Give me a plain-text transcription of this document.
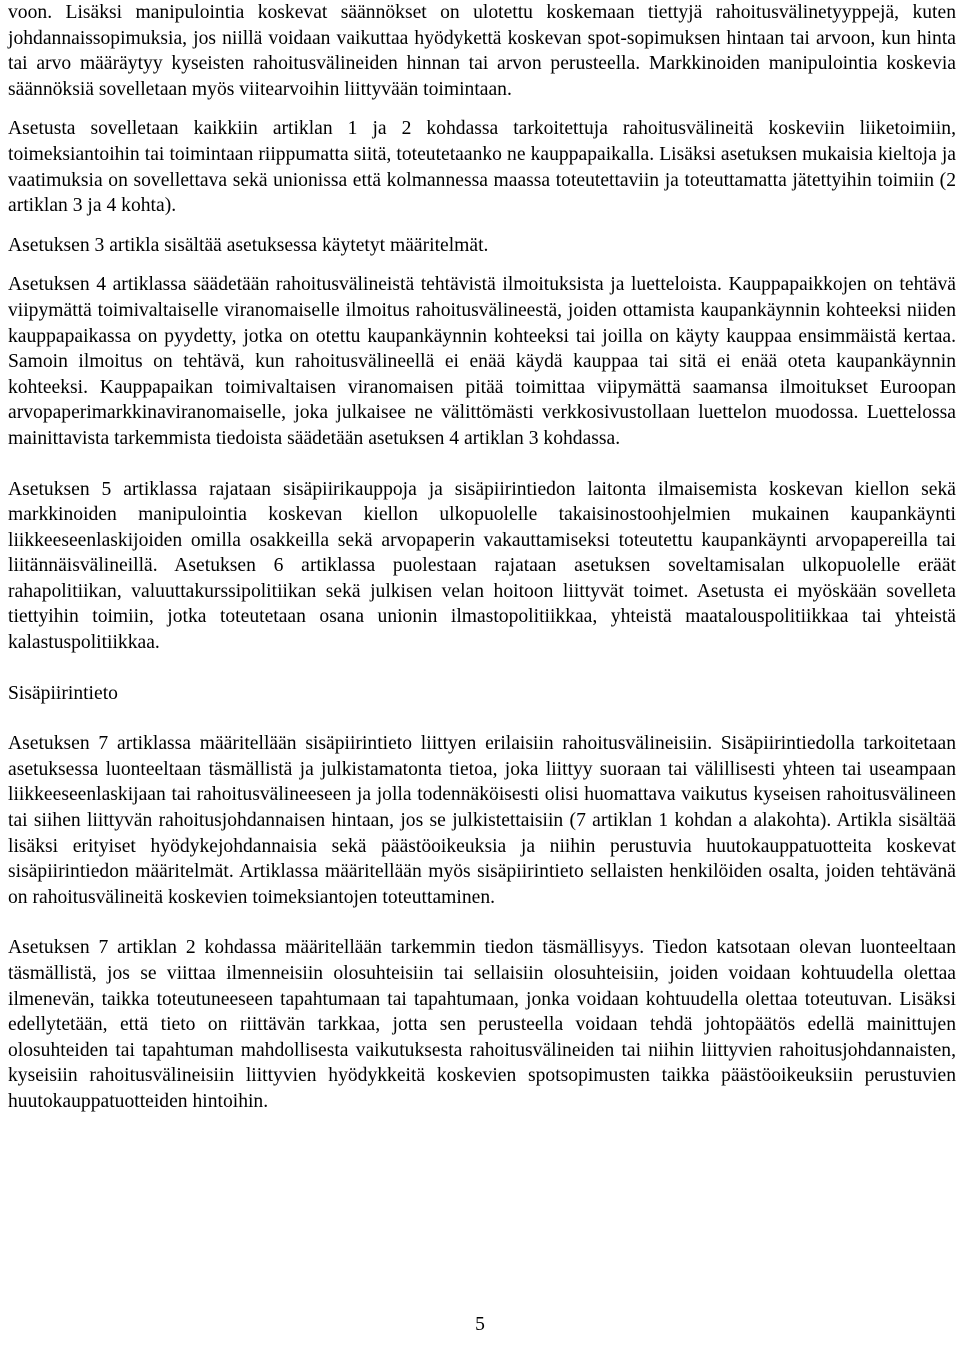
voon. Lisäksi manipulointia koskevat säännökset on ulotettu koskemaan tiettyjä rahoitusvälinetyyppejä, kuten johdannaissopimuksia, jos niillä voidaan vaikuttaa hyödykettä koskevan spot-sopimuksen hintaan tai arvoon, kun hinta tai arvo määräytyy kyseisten rahoitusvälineiden hinnan tai arvon perusteella. Markkinoiden manipulointia koskevia säännöksiä sovelletaan myös viitearvoihin liittyvään toimintaan.

Asetusta sovelletaan kaikkiin artiklan 1 ja 2 kohdassa tarkoitettuja rahoitusvälineitä koskeviin liiketoimiin, toimeksiantoihin tai toimintaan riippumatta siitä, toteutetaanko ne kauppapaikalla. Lisäksi asetuksen mukaisia kieltoja ja vaatimuksia on sovellettava sekä unionissa että kolmannessa maassa toteutettaviin ja toteuttamatta jätettyihin toimiin (2 artiklan 3 ja 4 kohta).

Asetuksen 3 artikla sisältää asetuksessa käytetyt määritelmät.

Asetuksen 4 artiklassa säädetään rahoitusvälineistä tehtävistä ilmoituksista ja luetteloista. Kauppapaikkojen on tehtävä viipymättä toimivaltaiselle viranomaiselle ilmoitus rahoitusvälineestä, joiden ottamista kaupankäynnin kohteeksi niiden kauppapaikassa on pyydetty, jotka on otettu kaupankäynnin kohteeksi tai joilla on käyty kauppaa ensimmäistä kertaa. Samoin ilmoitus on tehtävä, kun rahoitusvälineellä ei enää käydä kauppaa tai sitä ei enää oteta kaupankäynnin kohteeksi. Kauppapaikan toimivaltaisen viranomaisen pitää toimittaa viipymättä saamansa ilmoitukset Euroopan arvopaperimarkkinaviranomaiselle, joka julkaisee ne välittömästi verkkosivustollaan luettelon muodossa. Luettelossa mainittavista tarkemmista tiedoista säädetään asetuksen 4 artiklan 3 kohdassa.

Asetuksen 5 artiklassa rajataan sisäpiirikauppoja ja sisäpiirintiedon laitonta ilmaisemista koskevan kiellon sekä markkinoiden manipulointia koskevan kiellon ulkopuolelle takaisinostoohjelmien mukainen kaupankäynti liikkeeseenlaskijoiden omilla osakkeilla sekä arvopaperin vakauttamiseksi toteutettu kaupankäynti arvopapereilla tai liitännäisvälineillä. Asetuksen 6 artiklassa puolestaan rajataan asetuksen soveltamisalan ulkopuolelle eräät rahapolitiikan, valuuttakurssipolitiikan sekä julkisen velan hoitoon liittyvät toimet. Asetusta ei myöskään sovelleta tiettyihin toimiin, jotka toteutetaan osana unionin ilmastopolitiikkaa, yhteistä maatalouspolitiikkaa tai yhteistä kalastuspolitiikkaa.

Sisäpiirintieto

Asetuksen 7 artiklassa määritellään sisäpiirintieto liittyen erilaisiin rahoitusvälineisiin. Sisäpiirintiedolla tarkoitetaan asetuksessa luonteeltaan täsmällistä ja julkistamatonta tietoa, joka liittyy suoraan tai välillisesti yhteen tai useampaan liikkeeseenlaskijaan tai rahoitusvälineeseen ja jolla todennäköisesti olisi huomattava vaikutus kyseisen rahoitusvälineen tai siihen liittyvän rahoitusjohdannaisen hintaan, jos se julkistettaisiin (7 artiklan 1 kohdan a alakohta). Artikla sisältää lisäksi erityiset hyödykejohdannaisia sekä päästöoikeuksia ja niihin perustuvia huutokauppatuotteita koskevat sisäpiirintiedon määritelmät. Artiklassa määritellään myös sisäpiirintieto sellaisten henkilöiden osalta, joiden tehtävänä on rahoitusvälineitä koskevien toimeksiantojen toteuttaminen.

Asetuksen 7 artiklan 2 kohdassa määritellään tarkemmin tiedon täsmällisyys. Tiedon katsotaan olevan luonteeltaan täsmällistä, jos se viittaa ilmenneisiin olosuhteisiin tai sellaisiin olosuhteisiin, joiden voidaan kohtuudella olettaa ilmenevän, taikka toteutuneeseen tapahtumaan tai tapahtumaan, jonka voidaan kohtuudella olettaa toteutuvan. Lisäksi edellytetään, että tieto on riittävän tarkkaa, jotta sen perusteella voidaan tehdä johtopäätös edellä mainittujen olosuhteiden tai tapahtuman mahdollisesta vaikutuksesta rahoitusvälineiden tai niihin liittyvien rahoitusjohdannaisten, kyseisiin rahoitusvälineisiin liittyvien hyödykkeitä koskevien spotsopimusten taikka päästöoikeuksiin perustuvien huutokauppatuotteiden hintoihin.

5
